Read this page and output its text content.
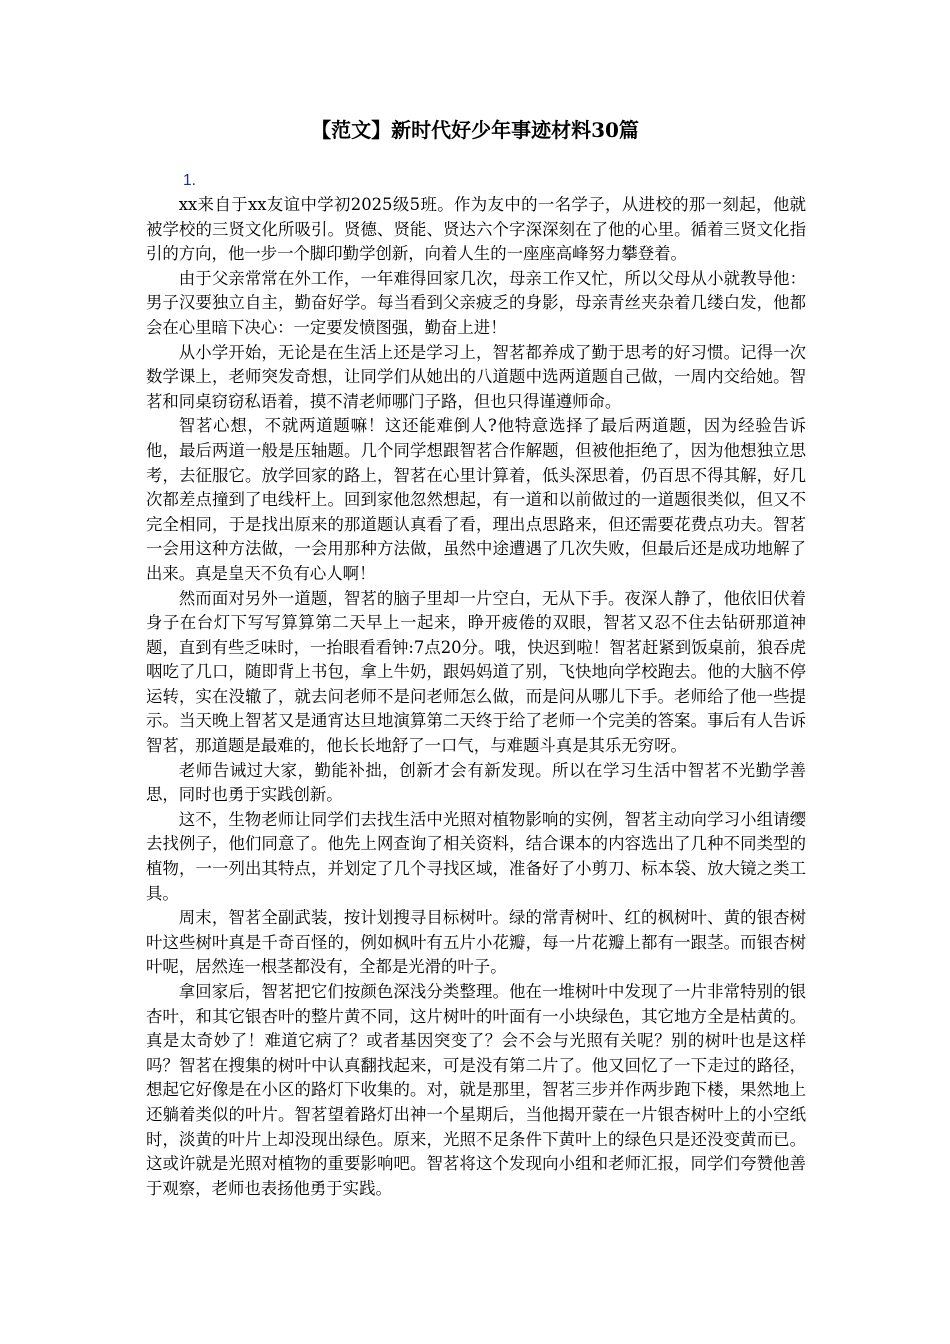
【范文】新时代好少年事迹材料30篇
1.

xx来自于xx友谊中学初2025级5班。作为友中的一名学子，从进校的那一刻起，他就被学校的三贤文化所吸引。贤德、贤能、贤达六个字深深刻在了他的心里。循着三贤文化指引的方向，他一步一个脚印勤学创新，向着人生的一座座高峰努力攀登着。

由于父亲常常在外工作，一年难得回家几次，母亲工作又忙，所以父母从小就教导他：男子汉要独立自主，勤奋好学。每当看到父亲疲乏的身影，母亲青丝夹杂着几缕白发，他都会在心里暗下决心：一定要发愤图强，勤奋上进！

从小学开始，无论是在生活上还是学习上，智茗都养成了勤于思考的好习惯。记得一次数学课上，老师突发奇想，让同学们从她出的八道题中选两道题自己做，一周内交给她。智茗和同桌窃窃私语着，摸不清老师哪门子路，但也只得谨遵师命。

智茗心想，不就两道题嘛！这还能难倒人?他特意选择了最后两道题，因为经验告诉他，最后两道一般是压轴题。几个同学想跟智茗合作解题，但被他拒绝了，因为他想独立思考，去征服它。放学回家的路上，智茗在心里计算着，低头深思着，仍百思不得其解，好几次都差点撞到了电线杆上。回到家他忽然想起，有一道和以前做过的一道题很类似，但又不完全相同，于是找出原来的那道题认真看了看，理出点思路来，但还需要花费点功夫。智茗一会用这种方法做，一会用那种方法做，虽然中途遭遇了几次失败，但最后还是成功地解了出来。真是皇天不负有心人啊！

然而面对另外一道题，智茗的脑子里却一片空白，无从下手。夜深人静了，他依旧伏着身子在台灯下写写算算第二天早上一起来，睁开疲倦的双眼，智茗又忍不住去钻研那道神题，直到有些乏味时，一抬眼看看钟:7点20分。哦，快迟到啦！智茗赶紧到饭桌前，狼吞虎咽吃了几口，随即背上书包，拿上牛奶，跟妈妈道了别，飞快地向学校跑去。他的大脑不停运转，实在没辙了，就去问老师不是问老师怎么做，而是问从哪儿下手。老师给了他一些提示。当天晚上智茗又是通宵达旦地演算第二天终于给了老师一个完美的答案。事后有人告诉智茗，那道题是最难的，他长长地舒了一口气，与难题斗真是其乐无穷呀。

老师告诫过大家，勤能补拙，创新才会有新发现。所以在学习生活中智茗不光勤学善思，同时也勇于实践创新。

这不，生物老师让同学们去找生活中光照对植物影响的实例，智茗主动向学习小组请缨去找例子，他们同意了。他先上网查询了相关资料，结合课本的内容选出了几种不同类型的植物，一一列出其特点，并划定了几个寻找区域，准备好了小剪刀、标本袋、放大镜之类工具。

周末，智茗全副武装，按计划搜寻目标树叶。绿的常青树叶、红的枫树叶、黄的银杏树叶这些树叶真是千奇百怪的，例如枫叶有五片小花瓣，每一片花瓣上都有一跟茎。而银杏树叶呢，居然连一根茎都没有，全都是光滑的叶子。

拿回家后，智茗把它们按颜色深浅分类整理。他在一堆树叶中发现了一片非常特别的银杏叶，和其它银杏叶的整片黄不同，这片树叶的叶面有一小块绿色，其它地方全是枯黄的。真是太奇妙了！难道它病了？或者基因突变了？会不会与光照有关呢？别的树叶也是这样吗？智茗在搜集的树叶中认真翻找起来，可是没有第二片了。他又回忆了一下走过的路径，想起它好像是在小区的路灯下收集的。对，就是那里，智茗三步并作两步跑下楼，果然地上还躺着类似的叶片。智茗望着路灯出神一个星期后，当他揭开蒙在一片银杏树叶上的小空纸时，淡黄的叶片上却没现出绿色。原来，光照不足条件下黄叶上的绿色只是还没变黄而已。这或许就是光照对植物的重要影响吧。智茗将这个发现向小组和老师汇报，同学们夸赞他善于观察，老师也表扬他勇于实践。
